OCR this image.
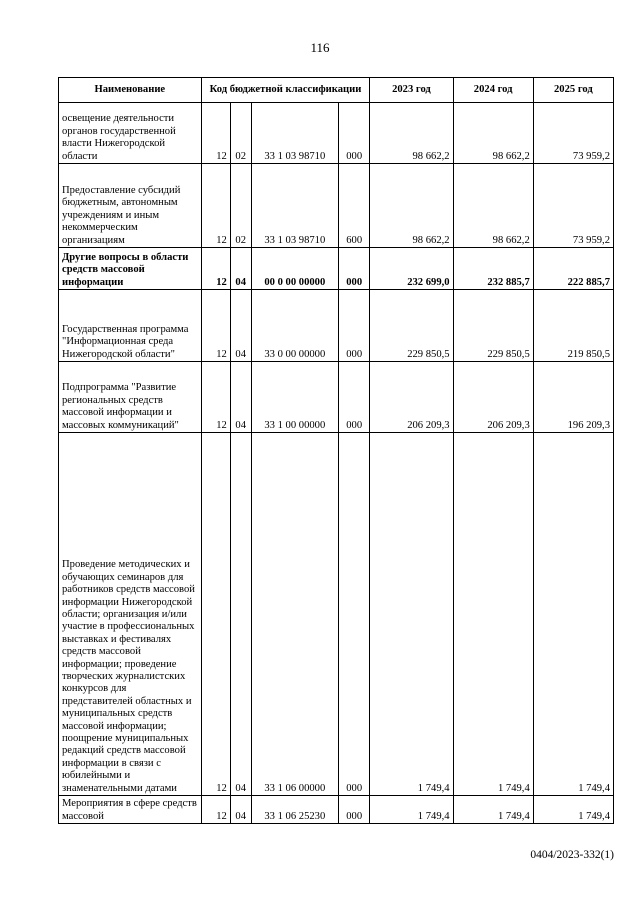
116
Наименование	Код бюджетной классификации				2023 год	2024 год	2025 год
освещение деятельности органов государственной власти Нижегородской области	12	02	33 1 03 98710	000	98 662,2	98 662,2	73 959,2
Предоставление субсидий бюджетным, автономным учреждениям и иным некоммерческим организациям	12	02	33 1 03 98710	600	98 662,2	98 662,2	73 959,2
Другие вопросы в области средств массовой информации	12	04	00 0 00 00000	000	232 699,0	232 885,7	222 885,7
Государственная программа "Информационная среда Нижегородской области"	12	04	33 0 00 00000	000	229 850,5	229 850,5	219 850,5
Подпрограмма "Развитие региональных средств массовой информации и массовых коммуникаций"	12	04	33 1 00 00000	000	206 209,3	206 209,3	196 209,3
Проведение методических и обучающих семинаров для работников средств массовой информации Нижегородской области; организация и/или участие в профессиональных выставках и фестивалях средств массовой информации; проведение творческих журналистских конкурсов для представителей областных и муниципальных средств массовой информации; поощрение муниципальных редакций средств массовой информации в связи с юбилейными и знаменательными датами	12	04	33 1 06 00000	000	1 749,4	1 749,4	1 749,4
Мероприятия в сфере средств массовой	12	04	33 1 06 25230	000	1 749,4	1 749,4	1 749,4
0404/2023-332(1)
